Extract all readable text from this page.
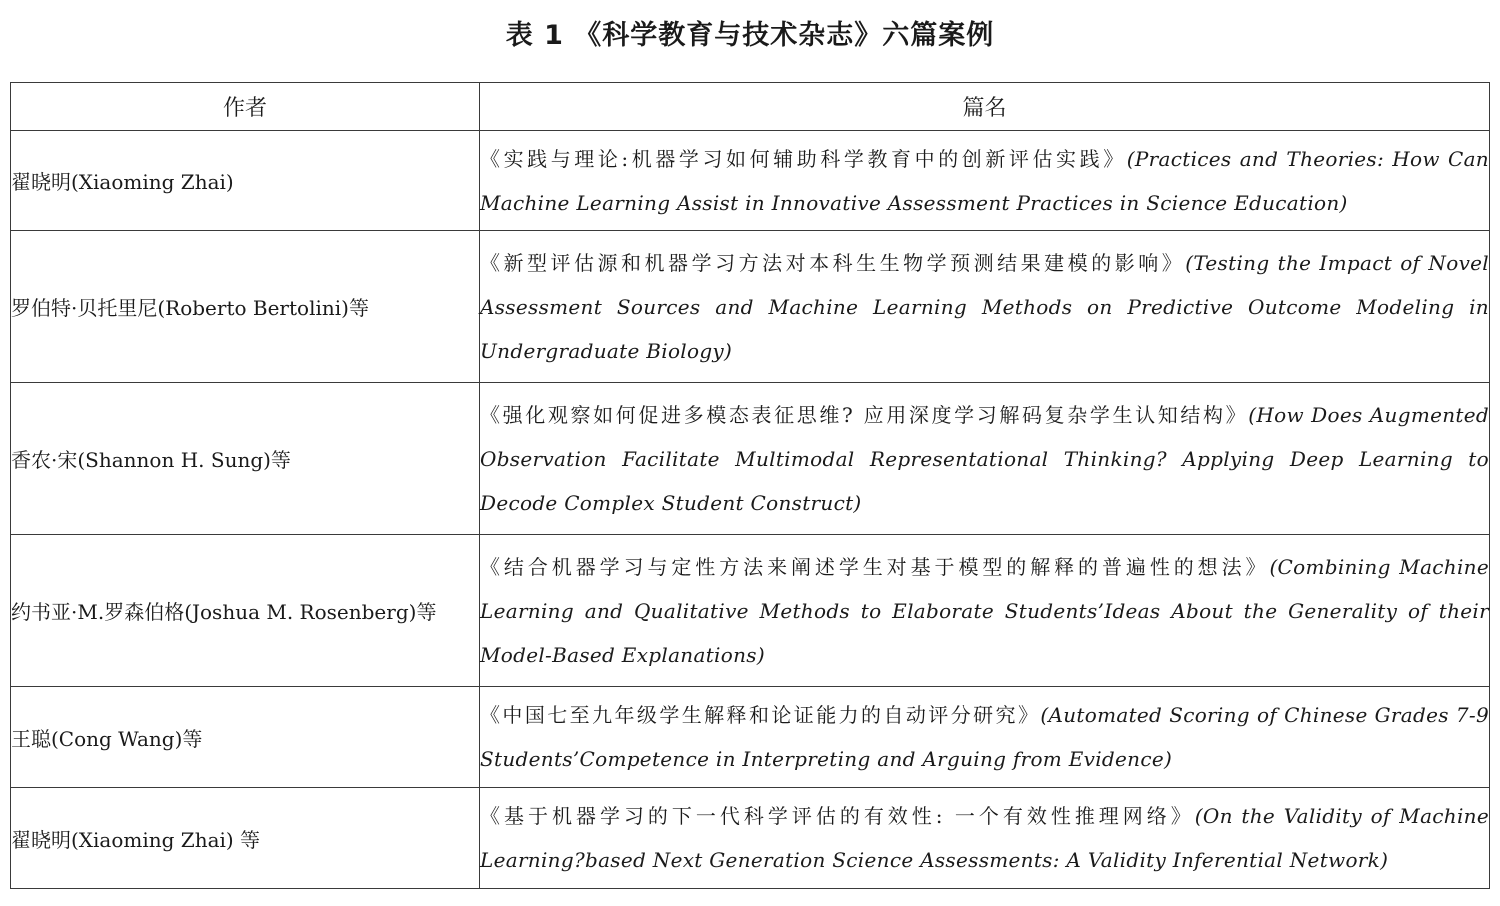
表 1 《科学教育与技术杂志》六篇案例
作者	篇名
翟晓明(Xiaoming Zhai)	《实践与理论:机器学习如何辅助科学教育中的创新评估实践》(Practices and Theories: How Can Machine Learning Assist in Innovative Assessment Practices in Science Education)
罗伯特·贝托里尼(Roberto Bertolini)等	《新型评估源和机器学习方法对本科生生物学预测结果建模的影响》(Testing the Impact of Novel Assessment Sources and Machine Learning Methods on Predictive Outcome Modeling in Undergraduate Biology)
香农·宋(Shannon H. Sung)等	《强化观察如何促进多模态表征思维? 应用深度学习解码复杂学生认知结构》(How Does Augmented Observation Facilitate Multimodal Representational Thinking? Applying Deep Learning to Decode Complex Student Construct)
约书亚·M.罗森伯格(Joshua M. Rosenberg)等	《结合机器学习与定性方法来阐述学生对基于模型的解释的普遍性的想法》(Combining Machine Learning and Qualitative Methods to Elaborate Students’Ideas About the Generality of their Model-Based Explanations)
王聪(Cong Wang)等	《中国七至九年级学生解释和论证能力的自动评分研究》(Automated Scoring of Chinese Grades 7-9 Students’Competence in Interpreting and Arguing from Evidence)
翟晓明(Xiaoming Zhai) 等	《基于机器学习的下一代科学评估的有效性: 一个有效性推理网络》(On the Validity of Machine Learning?based Next Generation Science Assessments: A Validity Inferential Network)
